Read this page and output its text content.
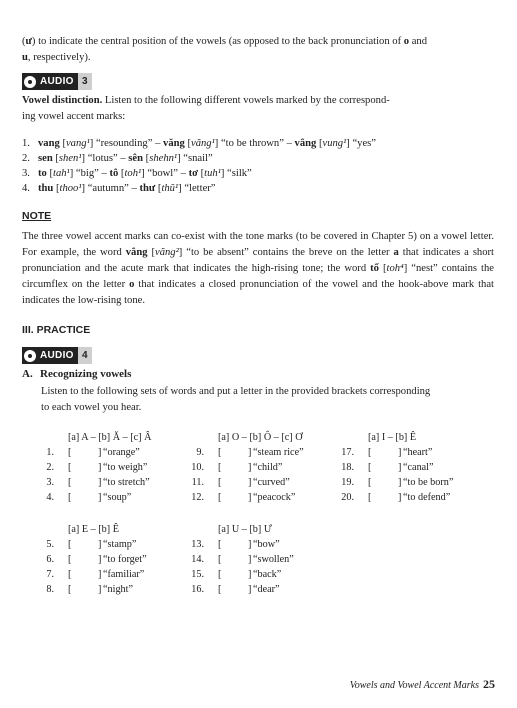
(ư) to indicate the central position of the vowels (as opposed to the back pronunciation of o and
u, respectively).
AUDIO 3
Vowel distinction. Listen to the following different vowels marked by the correspond-
ing vowel accent marks:
1. vang [vang¹] “resounding” – văng [văng¹] “to be thrown” – vâng [vung¹] “yes”
2. sen [shen¹] “lotus” – sên [shehn¹] “snail”
3. to [tah¹] “big” – tô [toh¹] “bowl” – tơ [tuh¹] “silk”
4. thu [thoo¹] “autumn” – thư [thŭ¹] “letter”
NOTE
The three vowel accent marks can co-exist with the tone marks (to be covered in Chapter 5) on a vowel letter. For example, the word vắng [văng²] “to be absent” contains the breve on the letter a that indicates a short pronunciation and the acute mark that indicates the high-rising tone; the word tổ [toh⁴] “nest” contains the circumflex on the letter o that indicates a closed pronunciation of the vowel and the hook-above mark that indicates the low-rising tone.
III. PRACTICE
AUDIO 4
A. Recognizing vowels
Listen to the following sets of words and put a letter in the provided brackets corresponding
to each vowel you hear.
[a] A – [b] Ă – [c] Â
1. [	] “orange”
2. [	] “to weigh”
3. [	] “to stretch”
4. [	] “soup”
[a] O – [b] Ô – [c] Ơ
9. [	] “steam rice”
10. [	] “child”
11. [	] “curved”
12. [	] “peacock”
[a] I – [b] Ê
17. [	] “heart”
18. [	] “canal”
19. [	] “to be born”
20. [	] “to defend”
[a] E – [b] Ê
5. [	] “stamp”
6. [	] “to forget”
7. [	] “familiar”
8. [	] “night”
[a] U – [b] Ư
13. [	] “bow”
14. [	] “swollen”
15. [	] “back”
16. [	] “dear”
Vowels and Vowel Accent Marks 25
